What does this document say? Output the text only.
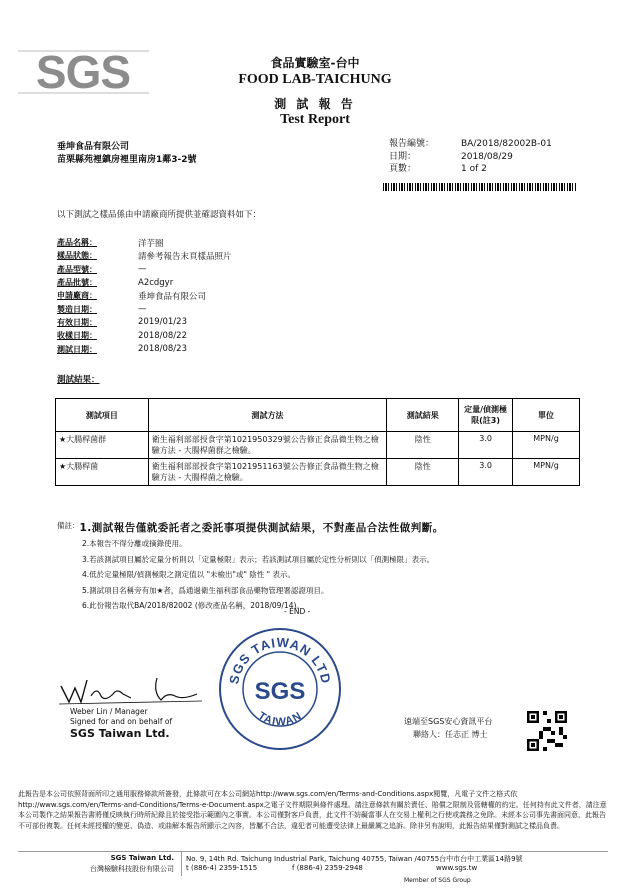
SGS	食品實驗室-台中
FOOD LAB-TAICHUNG
測 試 報 告
Test Report
垂坤食品有限公司
苗栗縣苑裡鎮房裡里南房1鄰3-2號
報告編號：	BA/2018/82002B-01
日期：	2018/08/29
頁數：	1 of 2
以下測試之樣品係由申請廠商所提供並確認資料如下：
產品名稱：	洋芋圈
樣品狀態：	請參考報告末頁樣品照片
產品型號：	—
產品批號：	A2cdgyr
申請廠商：	垂坤食品有限公司
製造日期：	—
有效日期：	2019/01/23
收樣日期：	2018/08/22
測試日期：	2018/08/23
測試結果：
測試項目	測試方法	測試結果	定量/偵測極限(註3)	單位
★大腸桿菌群	衛生福利部部授食字第1021950329號公告修正食品微生物之檢驗方法 - 大腸桿菌群之檢驗。	陰性	3.0	MPN/g
★大腸桿菌	衛生福利部部授食字第1021951163號公告修正食品微生物之檢驗方法 - 大腸桿菌之檢驗。	陰性	3.0	MPN/g
備註： 1.測試報告僅就委託者之委託事項提供測試結果，不對產品合法性做判斷。
2.本報告不得分離或摘錄使用。
3.若該測試項目屬於定量分析則以「定量極限」表示；若該測試項目屬於定性分析則以「偵測極限」表示。
4.低於定量極限/偵測極限之測定值以 "未檢出"或" 陰性 " 表示。
5.測試項目名稱旁有加★者，爲通過衛生福利部食品藥物管理署認證項目。
6.此份報告取代BA/2018/82002 (修改產品名稱，2018/09/14)。
- END -
Weber Lin / Manager
Signed for and on behalf of
SGS Taiwan Ltd.
SGS TAIWAN LTD
TAIWAN
SGS
遠端至SGS安心資訊平台
聯絡人：任志正 博士
此報告是本公司依照背面所印之通用服務條款所簽發，此條款可在本公司網站http://www.sgs.com/en/Terms-and-Conditions.aspx閱覽，凡電子文件之格式依http://www.sgs.com/en/Terms-and-Conditions/Terms-e-Document.aspx之電子文件期限與條件處理。請注意條款有關於責任、賠償之限制及管轄權的約定。任何持有此文件者，請注意本公司製作之結果報告書將僅反映執行時所紀錄且於接受指示範圍內之事實。本公司僅對客戶負責，此文件不妨礙當事人在交易上權利之行使或義務之免除。未經本公司事先書面同意，此報告不可部份複製。任何未經授權的變更、偽造、或曲解本報告所顯示之內容，皆屬不合法，違犯者可能遭受法律上最嚴厲之追訴。除非另有說明，此報告結果僅對測試之樣品負責。
SGS Taiwan Ltd.
台灣檢驗科技股份有限公司
No. 9, 14th Rd. Taichung Industrial Park, Taichung 40755, Taiwan /40755台中市台中工業區14路9號
t (886-4) 2359-1515	f (886-4) 2359-2948	www.sgs.tw
Member of SGS Group
